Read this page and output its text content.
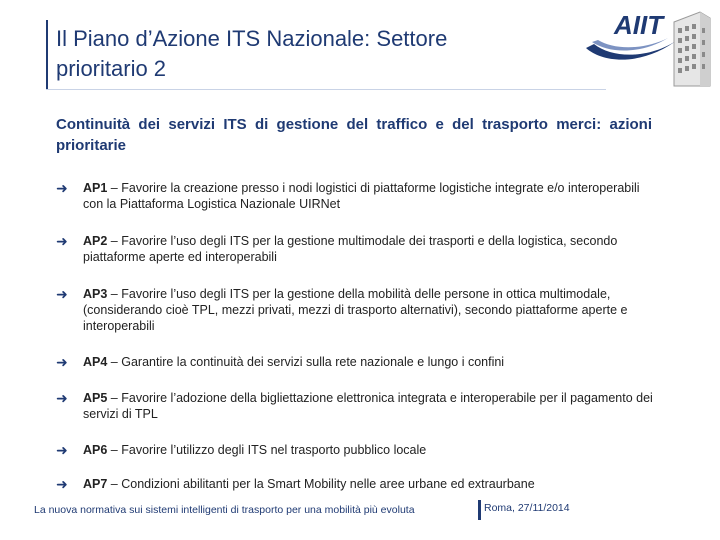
Il Piano d’Azione ITS Nazionale: Settore
prioritario 2
AIIT
Continuità dei servizi ITS di gestione del traffico e del trasporto merci: azioni prioritarie
➜	AP1 – Favorire la creazione presso i nodi logistici di piattaforme logistiche integrate e/o interoperabili con la Piattaforma Logistica Nazionale UIRNet
➜	AP2 – Favorire l’uso degli ITS per la gestione multimodale dei trasporti e della logistica, secondo piattaforme aperte ed interoperabili
➜	AP3 – Favorire l’uso degli ITS per la gestione della mobilità delle persone in ottica multimodale, (considerando cioè TPL, mezzi privati, mezzi di trasporto alternativi), secondo piattaforme aperte e interoperabili
➜	AP4 – Garantire la continuità dei servizi sulla rete nazionale e lungo i confini
➜	AP5 – Favorire l’adozione della bigliettazione elettronica integrata e interoperabile per il pagamento dei servizi di TPL
➜	AP6 – Favorire l’utilizzo degli ITS nel trasporto pubblico locale
➜	AP7 – Condizioni abilitanti per la Smart Mobility nelle aree urbane ed extraurbane
La nuova normativa sui sistemi intelligenti di trasporto per una mobilità più evoluta	Roma, 27/11/2014
